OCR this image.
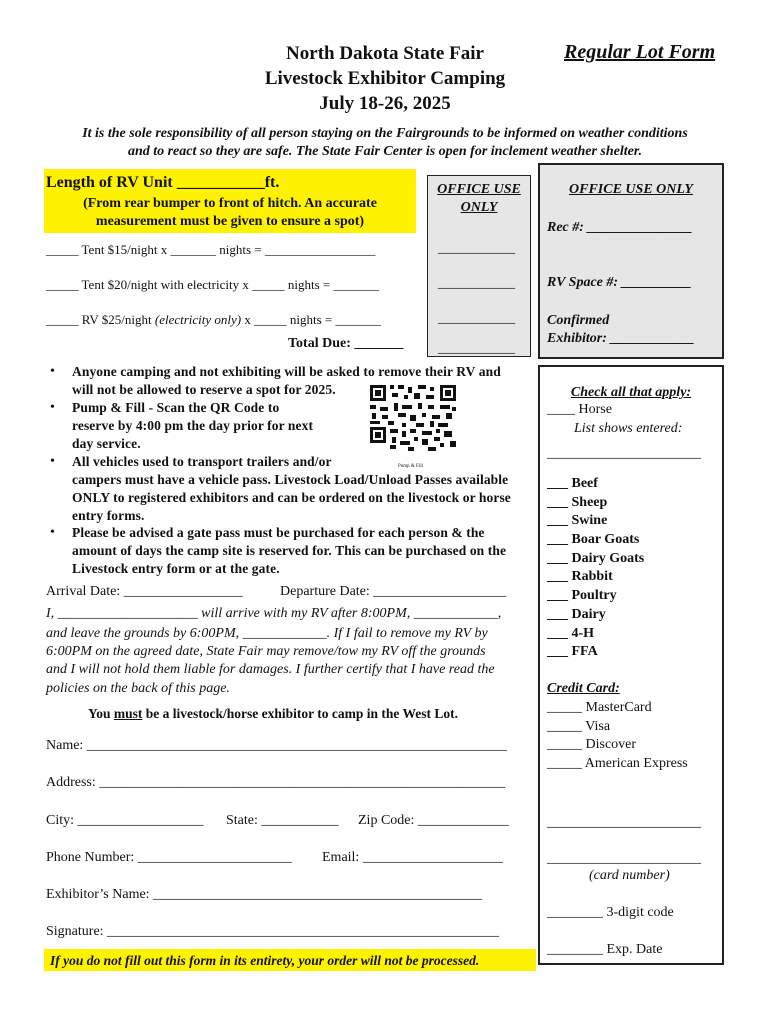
North Dakota State Fair
Livestock Exhibitor Camping
July 18-26, 2025
Regular Lot Form
It is the sole responsibility of all person staying on the Fairgrounds to be informed on weather conditions
and to react so they are safe. The State Fair Center is open for inclement weather shelter.
Length of RV Unit ___________ft.
(From rear bumper to front of hitch. An accurate
measurement must be given to ensure a spot)
OFFICE USE
ONLY
___________
___________
___________
___________
OFFICE USE ONLY
Rec #: _______________
RV Space #: __________
Confirmed
Exhibitor: ____________
_____ Tent $15/night x _______ nights = _________________
_____ Tent $20/night with electricity x _____ nights = _______
_____ RV $25/night (electricity only) x _____ nights = _______
Total Due: _______
• Anyone camping and not exhibiting will be asked to remove their RV and
will not be allowed to reserve a spot for 2025.
• Pump & Fill - Scan the QR Code to
reserve by 4:00 pm the day prior for next
day service.
• All vehicles used to transport trailers and/or
campers must have a vehicle pass. Livestock Load/Unload Passes available
ONLY to registered exhibitors and can be ordered on the livestock or horse
entry forms.
• Please be advised a gate pass must be purchased for each person & the
amount of days the camp site is reserved for. This can be purchased on the
Livestock entry form or at the gate.
Pump & Fill
Arrival Date: _________________	Departure Date: ___________________
I, ____________________ will arrive with my RV after 8:00PM, ____________,
and leave the grounds by 6:00PM, ____________. If I fail to remove my RV by
6:00PM on the agreed date, State Fair may remove/tow my RV off the grounds
and I will not hold them liable for damages. I further certify that I have read the
policies on the back of this page.
You must be a livestock/horse exhibitor to camp in the West Lot.
Name: ____________________________________________________________
Address: __________________________________________________________
City: __________________ State: ___________ Zip Code: _____________
Phone Number: ______________________ Email: ____________________
Exhibitor’s Name: _______________________________________________
Signature: ________________________________________________________
If you do not fill out this form in its entirety, your order will not be processed.
Check all that apply:
____ Horse
List shows entered:
______________________
___ Beef
___ Sheep
___ Swine
___ Boar Goats
___ Dairy Goats
___ Rabbit
___ Poultry
___ Dairy
___ 4-H
___ FFA
Credit Card:
_____ MasterCard
_____ Visa
_____ Discover
_____ American Express
______________________
______________________
(card number)
________ 3-digit code
________ Exp. Date
